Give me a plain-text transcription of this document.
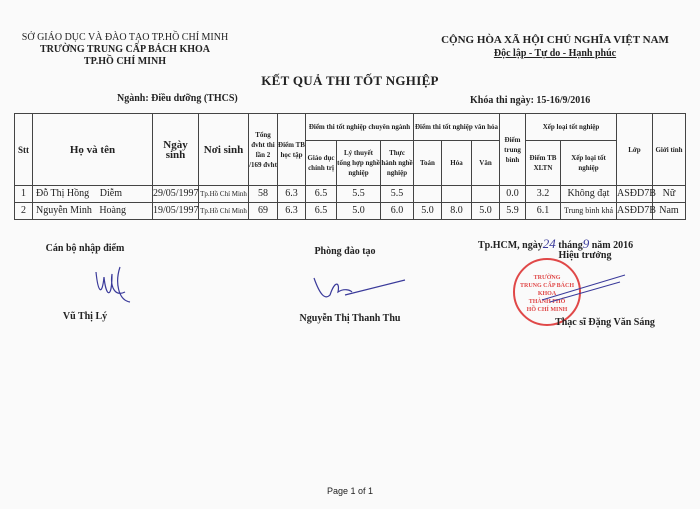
SỞ GIÁO DỤC VÀ ĐÀO TẠO TP.HỒ CHÍ MINH
TRƯỜNG TRUNG CẤP BÁCH KHOA
TP.HỒ CHÍ MINH
CỘNG HÒA XÃ HỘI CHỦ NGHĨA VIỆT NAM
Độc lập - Tự do - Hạnh phúc
KẾT QUẢ THI TỐT NGHIỆP
Ngành: Điều dưỡng (THCS)	Khóa thi ngày: 15-16/9/2016
Stt	Họ và tên	Ngày sinh	Nơi sinh	Tổng đvht thi lần 2 /169 đvht	Điểm TB học tập	Điểm thi tốt nghiệp chuyên ngành			Điểm thi tốt nghiệp văn hóa			Điểm trung bình	Xếp loại tốt nghiệp		Lớp	Giới tính
						Giáo dục chính trị	Lý thuyết tổng hợp nghề nghiệp	Thực hành nghề nghiệp	Toán	Hóa	Văn		Điểm TB XLTN	Xếp loại tốt nghiệp		
1	Đỗ Thị Hồng Diễm	29/05/1997	Tp.Hồ Chí Minh	58	6.3	6.5	5.5	5.5				0.0	3.2	Không đạt	ASĐD7B	Nữ
2	Nguyễn Minh Hoàng	19/05/1997	Tp.Hồ Chí Minh	69	6.3	6.5	5.0	6.0	5.0	8.0	5.0	5.9	6.1	Trung bình khá	ASĐD7B	Nam
Cán bộ nhập điểm
Vũ Thị Lý
Phòng đào tạo
Nguyễn Thị Thanh Thu
Tp.HCM, ngày24 tháng9 năm 2016
Hiệu trưởng
TRƯỜNG
TRUNG CẤP BÁCH KHOA
THÀNH PHỐ
HỒ CHÍ MINH
Thạc sĩ Đặng Văn Sáng
Page 1 of 1
